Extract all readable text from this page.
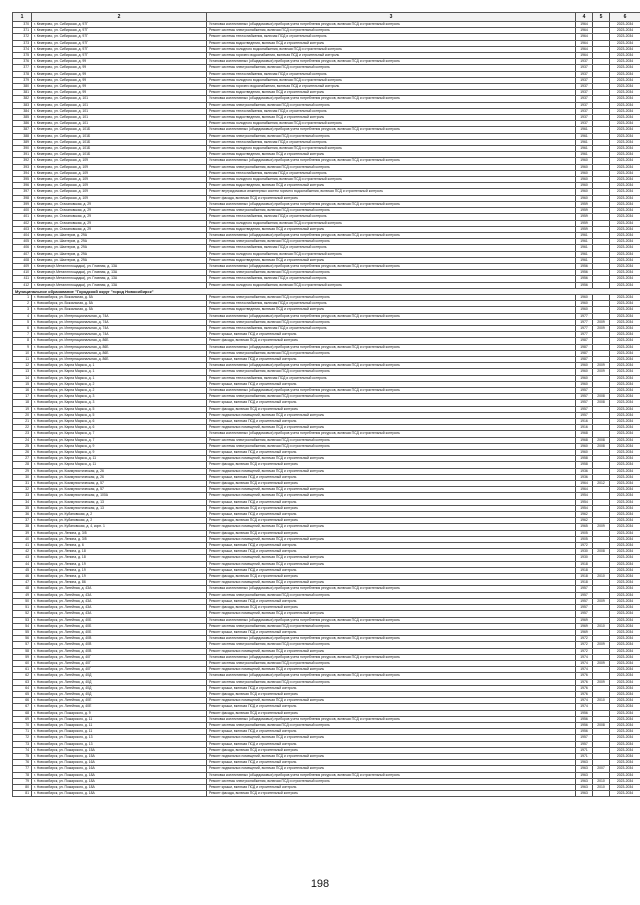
1	2	3	4	5	6
370	г. Кемерово, ул. Сибирская, д. 97Г	Установка коллективных (общедомовых) приборов учета потребления ресурсов, включая ПСД и строительный контроль	1964		2023-2034
371	г. Кемерово, ул. Сибирская, д. 97Г	Ремонт системы электроснабжения, включая ПСД и строительный контроль	1964		2023-2034
372	г. Кемерово, ул. Сибирская, д. 97Г	Ремонт системы теплоснабжения, включая ПСД и строительный контроль	1964		2023-2034
373	г. Кемерово, ул. Сибирская, д. 97Г	Ремонт системы водоотведения, включая ПСД и строительный контроль	1964		2023-2034
374	г. Кемерово, ул. Сибирская, д. 97Г	Ремонт системы холодного водоснабжения, включая ПСД и строительный контроль	1964		2023-2034
375	г. Кемерово, ул. Сибирская, д. 97Г	Ремонт системы горячего водоснабжения, включая ПСД и строительный контроль	1964		2023-2034
376	г. Кемерово, ул. Сибирская, д. 99	Установка коллективных (общедомовых) приборов учета потребления ресурсов, включая ПСД и строительный контроль	1937		2023-2034
377	г. Кемерово, ул. Сибирская, д. 99	Ремонт системы электроснабжения, включая ПСД и строительный контроль	1937		2023-2034
378	г. Кемерово, ул. Сибирская, д. 99	Ремонт системы теплоснабжения, включая ПСД и строительный контроль	1937		2023-2034
379	г. Кемерово, ул. Сибирская, д. 99	Ремонт системы холодного водоснабжения, включая ПСД и строительный контроль	1937		2023-2034
380	г. Кемерово, ул. Сибирская, д. 99	Ремонт системы горячего водоснабжения, включая ПСД и строительный контроль	1937		2023-2034
381	г. Кемерово, ул. Сибирская, д. 99	Ремонт системы водоотведения, включая ПСД и строительный контроль	1937		2023-2034
382	г. Кемерово, ул. Сибирская, д. 101	Установка коллективных (общедомовых) приборов учета потребления ресурсов, включая ПСД и строительный контроль	1937		2023-2034
383	г. Кемерово, ул. Сибирская, д. 101	Ремонт системы электроснабжения, включая ПСД и строительный контроль	1937		2023-2034
384	г. Кемерово, ул. Сибирская, д. 101	Ремонт системы теплоснабжения, включая ПСД и строительный контроль	1937		2023-2034
385	г. Кемерово, ул. Сибирская, д. 101	Ремонт системы водоотведения, включая ПСД и строительный контроль	1937		2023-2034
386	г. Кемерово, ул. Сибирская, д. 101	Ремонт системы холодного водоснабжения, включая ПСД и строительный контроль	1937		2023-2034
387	г. Кемерово, ул. Сибирская, д. 101Б	Установка коллективных (общедомовых) приборов учета потребления ресурсов, включая ПСД и строительный контроль	1961		2023-2034
388	г. Кемерово, ул. Сибирская, д. 101Б	Ремонт системы электроснабжения, включая ПСД и строительный контроль	1961		2023-2034
389	г. Кемерово, ул. Сибирская, д. 101Б	Ремонт системы теплоснабжения, включая ПСД и строительный контроль	1961		2023-2034
390	г. Кемерово, ул. Сибирская, д. 101Б	Ремонт системы холодного водоснабжения, включая ПСД и строительный контроль	1961		2023-2034
391	г. Кемерово, ул. Сибирская, д. 101Б	Ремонт системы водоотведения, включая ПСД и строительный контроль	1961		2023-2034
392	г. Кемерово, ул. Сибирская, д. 109	Установка коллективных (общедомовых) приборов учета потребления ресурсов, включая ПСД и строительный контроль	1960		2023-2034
393	г. Кемерово, ул. Сибирская, д. 109	Ремонт системы электроснабжения, включая ПСД и строительный контроль	1960		2023-2034
394	г. Кемерово, ул. Сибирская, д. 109	Ремонт системы теплоснабжения, включая ПСД и строительный контроль	1960		2023-2034
395	г. Кемерово, ул. Сибирская, д. 109	Ремонт системы холодного водоснабжения, включая ПСД и строительный контроль	1960		2023-2034
396	г. Кемерово, ул. Сибирская, д. 109	Ремонт системы водоотведения, включая ПСД и строительный контроль	1960		2023-2034
397	г. Кемерово, ул. Сибирская, д. 109	Ремонт внутридомовых инженерных систем горячего водоснабжения, включая ПСД и строительный контроль	1960		2023-2034
398	г. Кемерово, ул. Сибирская, д. 109	Ремонт фасада, включая ПСД и строительный контроль	1960		2023-2034
399	г. Кемерово, ул. Стахановская, д. 29	Установка коллективных (общедомовых) приборов учета потребления ресурсов, включая ПСД и строительный контроль	1959		2023-2034
400	г. Кемерово, ул. Стахановская, д. 29	Ремонт системы электроснабжения, включая ПСД и строительный контроль	1959		2023-2034
401	г. Кемерово, ул. Стахановская, д. 29	Ремонт системы теплоснабжения, включая ПСД и строительный контроль	1959		2023-2034
402	г. Кемерово, ул. Стахановская, д. 29	Ремонт системы холодного водоснабжения, включая ПСД и строительный контроль	1959		2023-2034
403	г. Кемерово, ул. Стахановская, д. 29	Ремонт системы водоотведения, включая ПСД и строительный контроль	1959		2023-2034
404	г. Кемерово, ул. Шахтеров, д. 29А	Установка коллективных (общедомовых) приборов учета потребления ресурсов, включая ПСД и строительный контроль	1961		2023-2034
405	г. Кемерово, ул. Шахтеров, д. 29А	Ремонт системы электроснабжения, включая ПСД и строительный контроль	1961		2023-2034
406	г. Кемерово, ул. Шахтеров, д. 29А	Ремонт системы теплоснабжения, включая ПСД и строительный контроль	1961		2023-2034
407	г. Кемерово, ул. Шахтеров, д. 29А	Ремонт системы холодного водоснабжения, включая ПСД и строительный контроль	1961		2023-2034
408	г. Кемерово, ул. Шахтеров, д. 29А	Ремонт системы водоотведения, включая ПСД и строительный контроль	1961		2023-2034
409	г. Кемерово(п.Металлплощадка), ул. Главная, д. 13А	Установка коллективных (общедомовых) приборов учета потребления ресурсов, включая ПСД и строительный контроль	1956		2023-2034
410	г. Кемерово(п.Металлплощадка), ул. Главная, д. 13А	Ремонт системы электроснабжения, включая ПСД и строительный контроль	1956		2023-2034
411	г. Кемерово(п.Металлплощадка), ул. Главная, д. 13А	Ремонт системы теплоснабжения, включая ПСД и строительный контроль	1956		2023-2034
412	г. Кемерово(п.Металлплощадка), ул. Главная, д. 13А	Ремонт системы холодного водоснабжения, включая ПСД и строительный контроль	1956		2023-2034
Муниципальное образование "Городской округ "город Новосибирск"					
1	г. Новосибирск, ул. Вокзальная, д. 5А	Ремонт системы электроснабжения, включая ПСД и строительный контроль	1960		2023-2034
2	г. Новосибирск, ул. Вокзальная, д. 5А	Ремонт системы теплоснабжения, включая ПСД и строительный контроль	1960		2023-2034
3	г. Новосибирск, ул. Вокзальная, д. 5А	Ремонт системы водоотведения, включая ПСД и строительный контроль	1960		2023-2034
4	г. Новосибирск, ул. Интернациональная, д. 74А	Установка коллективных (общедомовых) приборов учета потребления ресурсов, включая ПСД и строительный контроль	1977		2023-2034
5	г. Новосибирск, ул. Интернациональная, д. 74А	Ремонт системы электроснабжения, включая ПСД и строительный контроль	1977	2009	2023-2034
6	г. Новосибирск, ул. Интернациональная, д. 74А	Ремонт системы теплоснабжения, включая ПСД и строительный контроль	1977	2009	2023-2034
7	г. Новосибирск, ул. Интернациональная, д. 74А	Ремонт крыши, включая ПСД и строительный контроль	1977		2023-2034
8	г. Новосибирск, ул. Интернациональная, д. 86Б	Ремонт фасада, включая ПСД и строительный контроль	1987		2023-2034
9	г. Новосибирск, ул. Интернациональная, д. 86Б	Установка коллективных (общедомовых) приборов учета потребления ресурсов, включая ПСД и строительный контроль	1987		2023-2034
10	г. Новосибирск, ул. Интернациональная, д. 86Б	Ремонт системы электроснабжения, включая ПСД и строительный контроль	1987		2023-2034
11	г. Новосибирск, ул. Интернациональная, д. 86Б	Ремонт крыши, включая ПСД и строительный контроль	1987		2023-2034
12	г. Новосибирск, ул. Карла Маркса, д. 1	Установка коллективных (общедомовых) приборов учета потребления ресурсов, включая ПСД и строительный контроль	1960	2009	2023-2034
13	г. Новосибирск, ул. Карла Маркса, д. 1	Ремонт системы электроснабжения, включая ПСД и строительный контроль	1960	2009	2023-2034
14	г. Новосибирск, ул. Карла Маркса, д. 1	Ремонт системы теплоснабжения, включая ПСД и строительный контроль	1960		2023-2034
15	г. Новосибирск, ул. Карла Маркса, д. 2	Ремонт крыши, включая ПСД и строительный контроль	1960		2023-2034
16	г. Новосибирск, ул. Карла Маркса, д. 2	Установка коллективных (общедомовых) приборов учета потребления ресурсов, включая ПСД и строительный контроль	1957		2023-2034
17	г. Новосибирск, ул. Карла Маркса, д. 3	Ремонт системы электроснабжения, включая ПСД и строительный контроль	1957	2008	2023-2034
18	г. Новосибирск, ул. Карла Маркса, д. 3	Ремонт крыши, включая ПСД и строительный контроль	1957	2008	2023-2034
19	г. Новосибирск, ул. Карла Маркса, д. 5	Ремонт фасада, включая ПСД и строительный контроль	1957		2023-2034
20	г. Новосибирск, ул. Карла Маркса, д. 5	Ремонт подвальных помещений, включая ПСД и строительный контроль	1957		2023-2034
21	г. Новосибирск, ул. Карла Маркса, д. 6	Ремонт крыши, включая ПСД и строительный контроль	1916		2023-2034
22	г. Новосибирск, ул. Карла Маркса, д. 6	Ремонт подвальных помещений, включая ПСД и строительный контроль	1916		2023-2034
23	г. Новосибирск, ул. Карла Маркса, д. 7	Установка коллективных (общедомовых) приборов учета потребления ресурсов, включая ПСД и строительный контроль	1968		2023-2034
24	г. Новосибирск, ул. Карла Маркса, д. 7	Ремонт системы электроснабжения, включая ПСД и строительный контроль	1968	2008	2023-2034
25	г. Новосибирск, ул. Карла Маркса, д. 9	Ремонт системы электроснабжения, включая ПСД и строительный контроль	1960	2008	2023-2034
26	г. Новосибирск, ул. Карла Маркса, д. 9	Ремонт крыши, включая ПСД и строительный контроль	1960		2023-2034
27	г. Новосибирск, ул. Карла Маркса, д. 11	Ремонт подвальных помещений, включая ПСД и строительный контроль	1958		2023-2034
28	г. Новосибирск, ул. Карла Маркса, д. 11	Ремонт фасада, включая ПСД и строительный контроль	1958		2023-2034
29	г. Новосибирск, ул. Коммунистическая, д. 26	Ремонт подвальных помещений, включая ПСД и строительный контроль	1936		2023-2034
30	г. Новосибирск, ул. Коммунистическая, д. 26	Ремонт крыши, включая ПСД и строительный контроль	1936		2023-2034
31	г. Новосибирск, ул. Коммунистическая, д. 57	Ремонт фасада, включая ПСД и строительный контроль	1964	2012	2023-2034
32	г. Новосибирск, ул. Коммунистическая, д. 57	Ремонт подвальных помещений, включая ПСД и строительный контроль	1964		2023-2034
33	г. Новосибирск, ул. Коммунистическая, д. 100А	Ремонт подвальных помещений, включая ПСД и строительный контроль	1954		2023-2034
34	г. Новосибирск, ул. Коммунистическая, д. 13	Ремонт крыши, включая ПСД и строительный контроль	1954		2023-2034
35	г. Новосибирск, ул. Коммунистическая, д. 13	Ремонт фасада, включая ПСД и строительный контроль	1954		2023-2034
36	г. Новосибирск, ул. Кубановская, д. 2	Ремонт крыши, включая ПСД и строительный контроль	1962		2023-2034
37	г. Новосибирск, ул. Кубановская, д. 2	Ремонт фасада, включая ПСД и строительный контроль	1962		2023-2034
38	г. Новосибирск, ул. Кубановская, д. 4, корп. 1	Ремонт подвальных помещений, включая ПСД и строительный контроль	1965	2009	2023-2034
39	г. Новосибирск, ул. Ленина, д. 3/5	Ремонт фасада, включая ПСД и строительный контроль	1905		2023-2034
40	г. Новосибирск, ул. Ленина, д. 3/5	Ремонт подвальных помещений, включая ПСД и строительный контроль	1905		2023-2034
41	г. Новосибирск, ул. Ленина, д. 6	Ремонт крыши, включая ПСД и строительный контроль	1972		2023-2034
42	г. Новосибирск, ул. Ленина, д. 18	Ремонт крыши, включая ПСД и строительный контроль	1930	2008	2023-2034
43	г. Новосибирск, ул. Ленина, д. 18	Ремонт подвальных помещений, включая ПСД и строительный контроль	1930		2023-2034
44	г. Новосибирск, ул. Ленина, д. 19	Ремонт подвальных помещений, включая ПСД и строительный контроль	1918		2023-2034
45	г. Новосибирск, ул. Ленина, д. 19	Ремонт крыши, включая ПСД и строительный контроль	1918		2023-2034
46	г. Новосибирск, ул. Ленина, д. 19	Ремонт фасада, включая ПСД и строительный контроль	1918	2010	2023-2034
47	г. Новосибирск, ул. Ленина, д. 86	Ремонт подвальных помещений, включая ПСД и строительный контроль	1918		2023-2034
48	г. Новосибирск, ул. Литейная, д. 43А	Установка коллективных (общедомовых) приборов учета потребления ресурсов, включая ПСД и строительный контроль	1957		2023-2034
49	г. Новосибирск, ул. Литейная, д. 43А	Ремонт системы электроснабжения, включая ПСД и строительный контроль	1957		2023-2034
50	г. Новосибирск, ул. Литейная, д. 43А	Ремонт крыши, включая ПСД и строительный контроль	1957	2009	2023-2034
51	г. Новосибирск, ул. Литейная, д. 43А	Ремонт фасада, включая ПСД и строительный контроль	1957		2023-2034
52	г. Новосибирск, ул. Литейная, д. 43А	Ремонт подвальных помещений, включая ПСД и строительный контроль	1957		2023-2034
53	г. Новосибирск, ул. Литейная, д. 40Б	Установка коллективных (общедомовых) приборов учета потребления ресурсов, включая ПСД и строительный контроль	1969		2023-2034
54	г. Новосибирск, ул. Литейная, д. 40Б	Ремонт системы электроснабжения, включая ПСД и строительный контроль	1969	2010	2023-2034
55	г. Новосибирск, ул. Литейная, д. 40Б	Ремонт крыши, включая ПСД и строительный контроль	1969		2023-2034
56	г. Новосибирск, ул. Литейная, д. 40В	Установка коллективных (общедомовых) приборов учета потребления ресурсов, включая ПСД и строительный контроль	1972		2023-2034
57	г. Новосибирск, ул. Литейная, д. 40В	Ремонт системы электроснабжения, включая ПСД и строительный контроль	1972	2009	2023-2034
58	г. Новосибирск, ул. Литейная, д. 40В	Ремонт подвальных помещений, включая ПСД и строительный контроль	1972		2023-2034
59	г. Новосибирск, ул. Литейная, д. 40Г	Установка коллективных (общедомовых) приборов учета потребления ресурсов, включая ПСД и строительный контроль	1974		2023-2034
60	г. Новосибирск, ул. Литейная, д. 40Г	Ремонт системы электроснабжения, включая ПСД и строительный контроль	1974	2009	2023-2034
61	г. Новосибирск, ул. Литейная, д. 40Г	Ремонт подвальных помещений, включая ПСД и строительный контроль	1974		2023-2034
62	г. Новосибирск, ул. Литейная, д. 40Д	Установка коллективных (общедомовых) приборов учета потребления ресурсов, включая ПСД и строительный контроль	1976		2023-2034
63	г. Новосибирск, ул. Литейная, д. 40Д	Ремонт системы электроснабжения, включая ПСД и строительный контроль	1976	2009	2023-2034
64	г. Новосибирск, ул. Литейная, д. 40Д	Ремонт крыши, включая ПСД и строительный контроль	1976		2023-2034
65	г. Новосибирск, ул. Литейная, д. 40Д	Ремонт фасада, включая ПСД и строительный контроль	1976		2023-2034
66	г. Новосибирск, ул. Литейная, д. 40Е	Ремонт подвальных помещений, включая ПСД и строительный контроль	1974	2010	2023-2034
67	г. Новосибирск, ул. Литейная, д. 40Е	Ремонт крыши, включая ПСД и строительный контроль	1974		2023-2034
68	г. Новосибирск, ул. Пожарского, д. 9	Ремонт фасада, включая ПСД и строительный контроль	1956		2023-2034
69	г. Новосибирск, ул. Пожарского, д. 11	Установка коллективных (общедомовых) приборов учета потребления ресурсов, включая ПСД и строительный контроль	1956		2023-2034
70	г. Новосибирск, ул. Пожарского, д. 11	Ремонт системы электроснабжения, включая ПСД и строительный контроль	1956	2008	2023-2034
71	г. Новосибирск, ул. Пожарского, д. 11	Ремонт крыши, включая ПСД и строительный контроль	1956		2023-2034
72	г. Новосибирск, ул. Пожарского, д. 13	Ремонт подвальных помещений, включая ПСД и строительный контроль	1957		2023-2034
73	г. Новосибирск, ул. Пожарского, д. 13	Ремонт крыши, включая ПСД и строительный контроль	1957		2023-2034
74	г. Новосибирск, ул. Пожарского, д. 15А	Ремонт фасада, включая ПСД и строительный контроль	1971		2023-2034
75	г. Новосибирск, ул. Пожарского, д. 15А	Ремонт подвальных помещений, включая ПСД и строительный контроль	1971		2023-2034
76	г. Новосибирск, ул. Пожарского, д. 16А	Ремонт крыши, включая ПСД и строительный контроль	1963		2023-2034
77	г. Новосибирск, ул. Пожарского, д. 16А	Ремонт подвальных помещений, включая ПСД и строительный контроль	1963	2007	2023-2034
78	г. Новосибирск, ул. Пожарского, д. 18А	Установка коллективных (общедомовых) приборов учета потребления ресурсов, включая ПСД и строительный контроль	1963		2023-2034
79	г. Новосибирск, ул. Пожарского, д. 18А	Ремонт системы электроснабжения, включая ПСД и строительный контроль	1963	2010	2023-2034
80	г. Новосибирск, ул. Пожарского, д. 18А	Ремонт крыши, включая ПСД и строительный контроль	1963	2010	2023-2034
81	г. Новосибирск, ул. Пожарского, д. 18А	Ремонт фасада, включая ПСД и строительный контроль	1963		2023-2034
198
